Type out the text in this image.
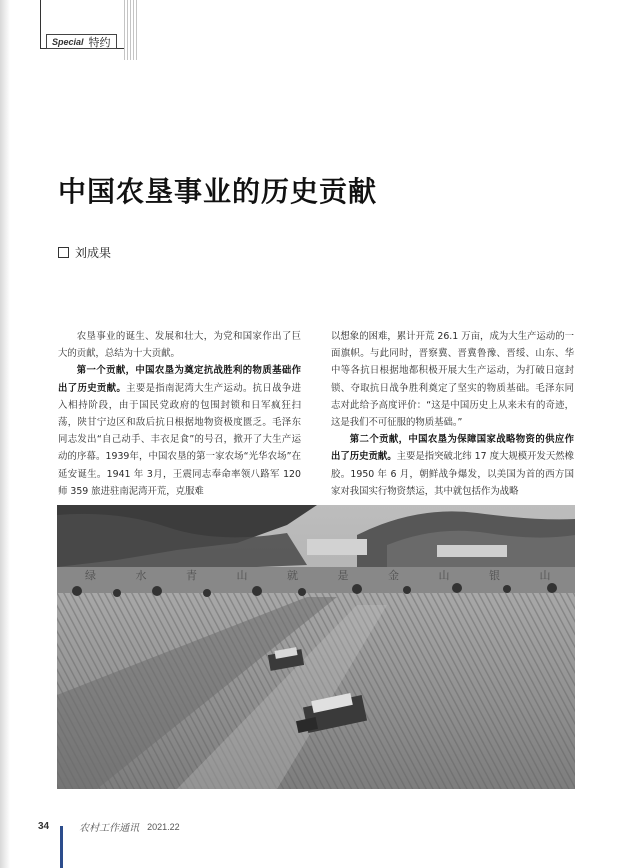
Special 特约
中国农垦事业的历史贡献
刘成果

农垦事业的诞生、发展和壮大，为党和国家作出了巨大的贡献，总结为十大贡献。

第一个贡献，中国农垦为奠定抗战胜利的物质基础作出了历史贡献。主要是指南泥湾大生产运动。抗日战争进入相持阶段，由于国民党政府的包围封锁和日军疯狂扫荡，陕甘宁边区和敌后抗日根据地物资极度匮乏。毛泽东同志发出“自己动手、丰衣足食”的号召，掀开了大生产运动的序幕。1939年，中国农垦的第一家农场“光华农场”在延安诞生。1941 年 3月，王震同志奉命率领八路军 120 师 359 旅进驻南泥湾开荒，克服难

以想象的困难，累计开荒 26.1 万亩，成为大生产运动的一面旗帜。与此同时，晋察冀、晋冀鲁豫、晋绥、山东、华中等各抗日根据地都积极开展大生产运动，为打破日寇封锁、夺取抗日战争胜利奠定了坚实的物质基础。毛泽东同志对此给予高度评价：“这是中国历史上从来未有的奇迹，这是我们不可征服的物质基础。”

第二个贡献，中国农垦为保障国家战略物资的供应作出了历史贡献。主要是指突破北纬 17 度大规模开发天然橡胶。1950 年 6 月，朝鲜战争爆发，以美国为首的西方国家对我国实行物资禁运，其中就包括作为战略

绿 水 青 山 就 是 金 山 银 山
34	农村工作通讯 2021.22
